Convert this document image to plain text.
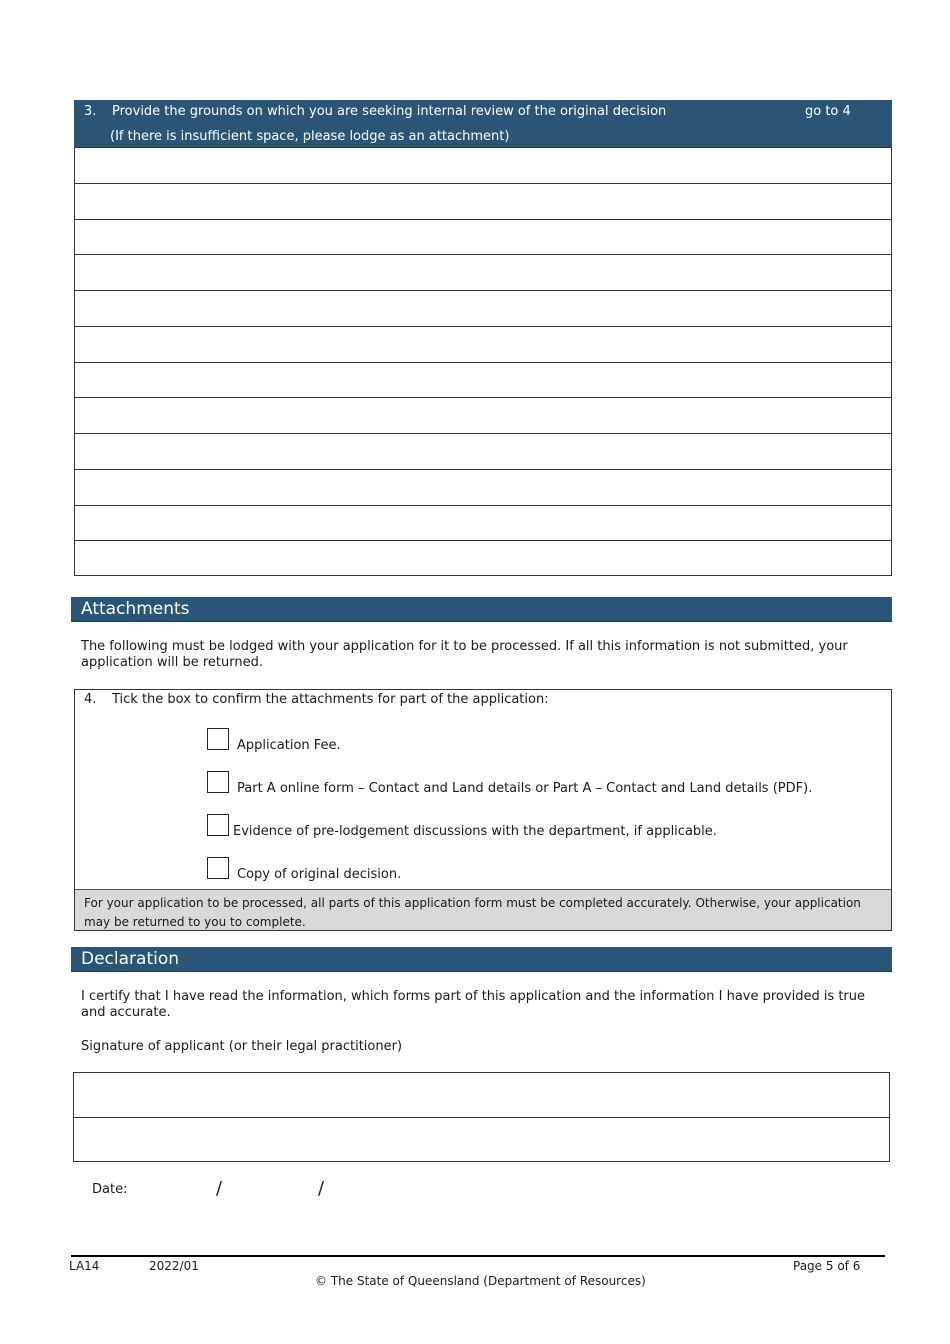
3. Provide the grounds on which you are seeking internal review of the original decision	go to 4
(If there is insufficient space, please lodge as an attachment)
Attachments
The following must be lodged with your application for it to be processed. If all this information is not submitted, your application will be returned.
4. Tick the box to confirm the attachments for part of the application:
Application Fee.
Part A online form – Contact and Land details or Part A – Contact and Land details (PDF).
Evidence of pre-lodgement discussions with the department, if applicable.
Copy of original decision.
For your application to be processed, all parts of this application form must be completed accurately. Otherwise, your application may be returned to you to complete.
Declaration
I certify that I have read the information, which forms part of this application and the information I have provided is true and accurate.
Signature of applicant (or their legal practitioner)
Date:	/	/
LA14	2022/01	Page 5 of 6
© The State of Queensland (Department of Resources)
